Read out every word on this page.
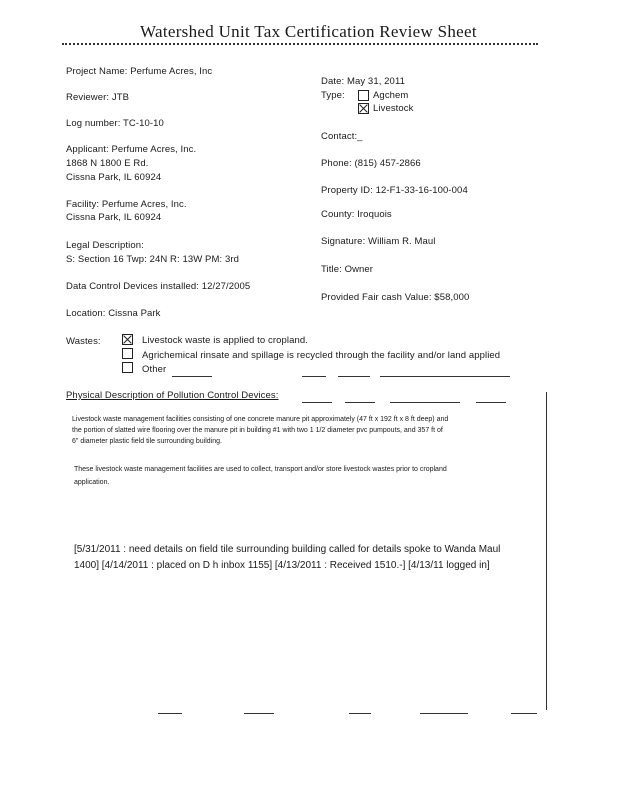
Watershed Unit Tax Certification Review Sheet
Project Name: Perfume Acres, Inc
Reviewer: JTB
Log number: TC-10-10
Applicant: Perfume Acres, Inc.
1868 N 1800 E Rd.
Cissna Park, IL 60924
Facility: Perfume Acres, Inc.
Cissna Park, IL 60924
Legal Description:
S: Section 16 Twp: 24N R: 13W PM: 3rd
Data Control Devices installed: 12/27/2005
Location: Cissna Park
Date: May 31, 2011
Type:	Agchem
Livestock
Contact:_
Phone: (815) 457-2866
Property ID: 12-F1-33-16-100-004
County: Iroquois
Signature: William R. Maul
Title: Owner
Provided Fair cash Value: $58,000
Wastes:	Livestock waste is applied to cropland.
Agrichemical rinsate and spillage is recycled through the facility and/or land applied
Other
Physical Description of Pollution Control Devices:
Livestock waste management facilities consisting of one concrete manure pit approximately (47 ft x 192 ft x 8 ft deep) and
the portion of slatted wire flooring over the manure pit in building #1 with two 1 1/2 diameter pvc pumpouts, and 357 ft of
6" diameter plastic field tile surrounding building.
These livestock waste management facilities are used to collect, transport and/or store livestock wastes prior to cropland
application.
[5/31/2011 : need details on field tile surrounding building called for details spoke to Wanda Maul
1400] [4/14/2011 : placed on D h inbox 1155] [4/13/2011 : Received 1510.-] [4/13/11 logged in]
